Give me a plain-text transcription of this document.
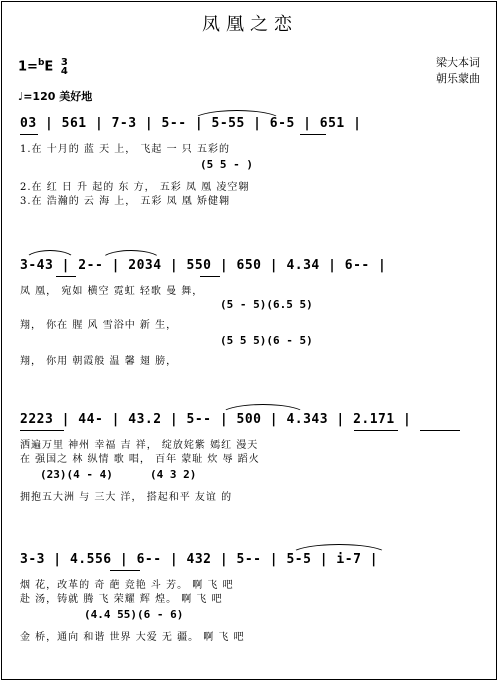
凤凰之恋
1=$^b$E 3
4
梁大本词
朝乐蒙曲
♩=120 美好地
03 | 561 | 7-3 | 5-- | 5-55 | 6-5 | 651 |
1.在 十月的 蓝 天 上， 飞起 一 只 五彩的
(5 5 - )
2.在 红 日 升 起的 东 方， 五彩 凤 凰 凌空翱
3.在 浩瀚的 云 海 上， 五彩 凤 凰 矫健翱
3-43 | 2-- | 2034 | 550 | 650 | 4.34 | 6-- |
凤 凰， 宛如 横空 霓虹 轻歌 曼 舞，
(5 - 5)(6.5 5)
翔， 你在 腥 风 雪浴中 新 生，
(5 5 5)(6 - 5)
翔， 你用 朝霞般 温 馨 翅 膀，
2223 | 44- | 43.2 | 5-- | 500 | 4.343 | 2.171 |
洒遍万里 神州 幸福 吉 祥， 绽放姹紫 嫣红 漫天
在 强国之 林 纵情 歌 唱， 百年 蒙耻 炊 辱 蹈火
(23)(4 - 4)	(4 3 2)
拥抱五大洲 与 三大 洋， 搭起和平 友谊 的
3-3 | 4.556 | 6-- | 432 | 5-- | 5-5 | i-7 |
烟 花，改革的 奇 葩 竞艳 斗 芳。 啊 飞 吧
赴 汤，铸就 腾 飞 荣耀 辉 煌。 啊 飞 吧
(4.4 55)(6 - 6)
金 桥，通向 和谐 世界 大爱 无 疆。 啊 飞 吧
